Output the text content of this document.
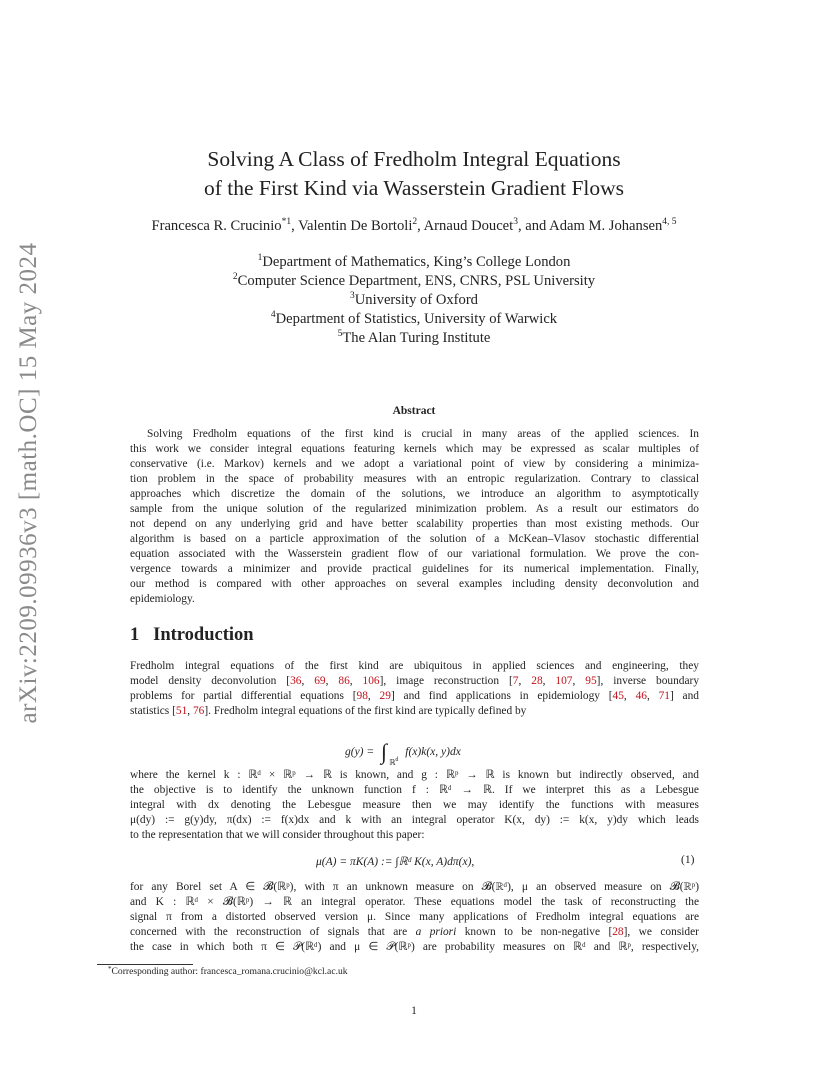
arXiv:2209.09936v3 [math.OC] 15 May 2024
Solving A Class of Fredholm Integral Equations
of the First Kind via Wasserstein Gradient Flows
Francesca R. Crucinio$^{*1}$, Valentin De Bortoli$^2$, Arnaud Doucet$^3$, and Adam M. Johansen$^{4, 5}$
$^1$Department of Mathematics, King’s College London
$^2$Computer Science Department, ENS, CNRS, PSL University
$^3$University of Oxford
$^4$Department of Statistics, University of Warwick
$^5$The Alan Turing Institute
Abstract
Solving Fredholm equations of the first kind is crucial in many areas of the applied sciences. In
this work we consider integral equations featuring kernels which may be expressed as scalar multiples of
conservative (i.e. Markov) kernels and we adopt a variational point of view by considering a minimiza-
tion problem in the space of probability measures with an entropic regularization. Contrary to classical
approaches which discretize the domain of the solutions, we introduce an algorithm to asymptotically
sample from the unique solution of the regularized minimization problem. As a result our estimators do
not depend on any underlying grid and have better scalability properties than most existing methods. Our
algorithm is based on a particle approximation of the solution of a McKean–Vlasov stochastic differential
equation associated with the Wasserstein gradient flow of our variational formulation. We prove the con-
vergence towards a minimizer and provide practical guidelines for its numerical implementation. Finally,
our method is compared with other approaches on several examples including density deconvolution and
epidemiology.
1 Introduction
Fredholm integral equations of the first kind are ubiquitous in applied sciences and engineering, they
model density deconvolution [36, 69, 86, 106], image reconstruction [7, 28, 107, 95], inverse boundary
problems for partial differential equations [98, 29] and find applications in epidemiology [45, 46, 71] and
statistics [51, 76]. Fredholm integral equations of the first kind are typically defined by
g(y) = ∫ $_{ℝ^d}$ f(x)k(x, y)dx
where the kernel k : ℝᵈ × ℝᵖ → ℝ is known, and g : ℝᵖ → ℝ is known but indirectly observed, and
the objective is to identify the unknown function f : ℝᵈ → ℝ. If we interpret this as a Lebesgue
integral with dx denoting the Lebesgue measure then we may identify the functions with measures
μ(dy) := g(y)dy, π(dx) := f(x)dx and k with an integral operator K(x, dy) := k(x, y)dy which leads
to the representation that we will consider throughout this paper:
μ(A) = πK(A) := ∫ℝᵈ K(x, A)dπ(x),	(1)
for any Borel set A ∈ 𝓑(ℝᵖ), with π an unknown measure on 𝓑(ℝᵈ), μ an observed measure on 𝓑(ℝᵖ)
and K : ℝᵈ × 𝓑(ℝᵖ) → ℝ an integral operator. These equations model the task of reconstructing the
signal π from a distorted observed version μ. Since many applications of Fredholm integral equations are
concerned with the reconstruction of signals that are a priori known to be non-negative [28], we consider
the case in which both π ∈ 𝒫(ℝᵈ) and μ ∈ 𝒫(ℝᵖ) are probability measures on ℝᵈ and ℝᵖ, respectively,
*Corresponding author: francesca_romana.crucinio@kcl.ac.uk
1
